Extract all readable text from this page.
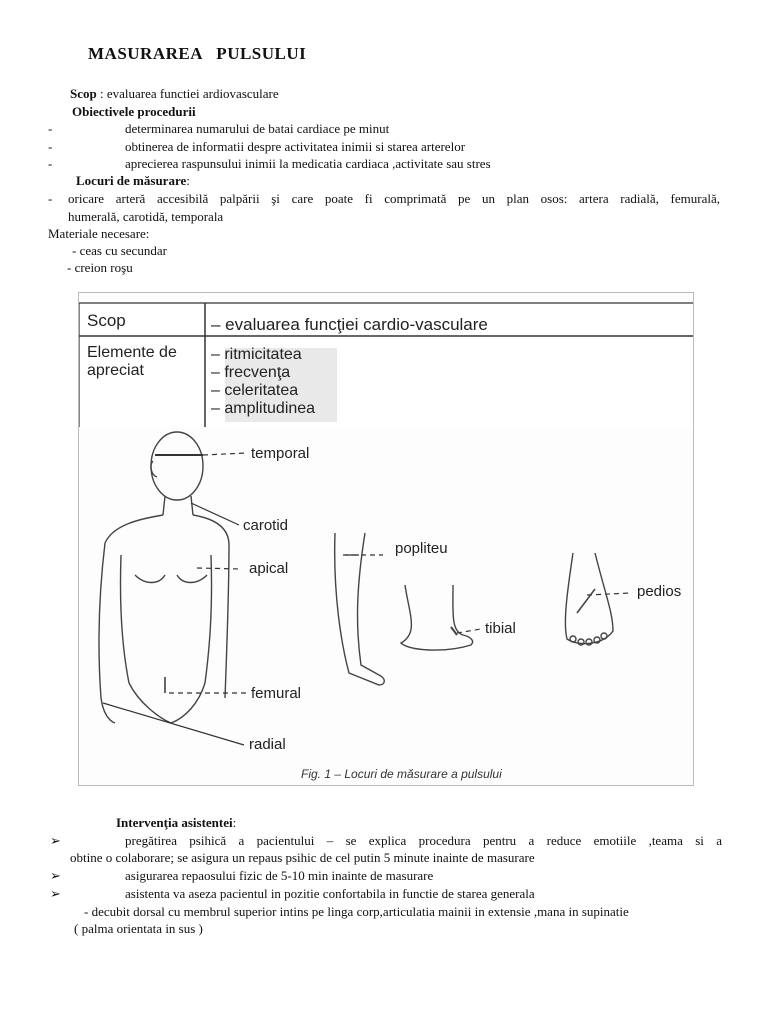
MASURAREA   PULSULUI
Scop : evaluarea functiei ardiovasculare
Obiectivele procedurii
-	determinarea numarului de batai cardiace pe minut
-	obtinerea de informatii despre activitatea inimii si starea arterelor
-	aprecierea raspunsului inimii la medicatia cardiaca ,activitate sau stres
Locuri de măsurare:
- oricare arteră accesibilă palpării şi care poate fi comprimată pe un plan osos: artera radială, femurală,
humerală, carotidă, temporala
Materiale necesare:
- ceas cu secundar
- creion roşu
Scop	– evaluarea funcţiei cardio-vasculare
Elemente de
apreciat
– ritmicitatea
– frecvenţa
– celeritatea
– amplitudinea
temporal
carotid
apical
femural
radial
popliteu
tibial
pedios
Fig. 1 – Locuri de măsurare a pulsului
Intervenţia asistentei:
➢	pregătirea psihică a pacientului – se explica procedura pentru a reduce emotiile ,teama si a
obtine o colaborare; se asigura un repaus psihic de cel putin 5 minute inainte de masurare
➢	asigurarea repaosului fizic de 5-10 min inainte de masurare
➢	asistenta va aseza pacientul in pozitie confortabila in functie de starea generala
- decubit dorsal cu membrul superior intins pe linga corp,articulatia mainii in extensie ,mana in supinatie
( palma orientata in sus )
